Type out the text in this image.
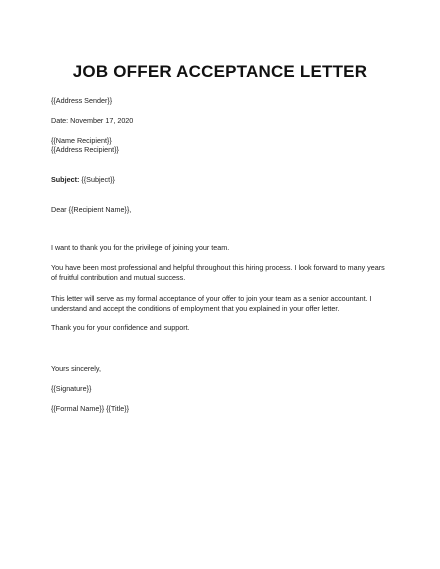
JOB OFFER ACCEPTANCE LETTER
{{Address Sender}}
Date: November 17, 2020
{{Name Recipient}}
{{Address Recipient}}
Subject: {{Subject}}
Dear {{Recipient Name}},
I want to thank you for the privilege of joining your team.
You have been most professional and helpful throughout this hiring process. I look forward to many years of fruitful contribution and mutual success.
This letter will serve as my formal acceptance of your offer to join your team as a senior accountant. I understand and accept the conditions of employment that you explained in your offer letter.
Thank you for your confidence and support.
Yours sincerely,
{{Signature}}
{{Formal Name}} {{Title}}
